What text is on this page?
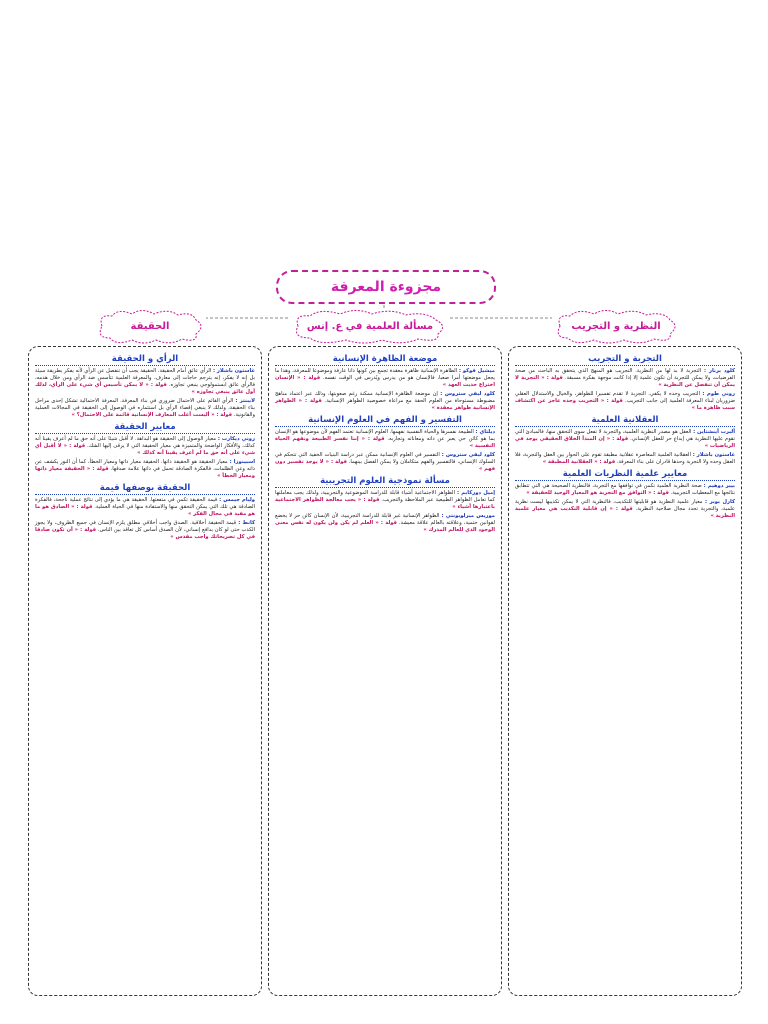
مجزوءة المعرفة
الحقيقة	مسألة العلمية في ع. إنس	النظرية و التجريب
الرأي و الحقيقة

غاستون باشلار : الرأي عائق أمام الحقيقة. الحقيقة يجب أن تنفصل عن الرأي لأنه يفكر بطريقة سيئة بل إنه لا يفكر، إنه يترجم حاجات إلى معارف، والمعرفة العلمية تتأسس ضد الرأي ومن خلال هدمه، فالرأي عائق ابستمولوجي ينبغي تجاوزه. قولة : « لا يمكن تأسيس أي شيء على الرأي، لذلك أول عائق ينبغي تجاوزه »

لايبنتز : الرأي القائم على الاحتمال ضروري في بناء المعرفة. المعرفة الاحتمالية تشكل إحدى مراحل بناء الحقيقة، ولذلك لا ينبغي إقصاء الرأي بل استثماره في الوصول إلى الحقيقة في المجالات العملية والقانونية. قولة : « أليست أغلب المعارف الإنسانية قائمة على الاحتمال؟ »

معايير الحقيقة

روني ديكارت : معيار الوصول إلى الحقيقة هو البداهة. لا أقبل شيئا على أنه حق ما لم أعرف يقينا أنه كذلك، والأفكار الواضحة والمتميزة هي معيار الحقيقة التي لا يرقى إليها الشك. قولة : « لا أقبل أي شيء على أنه حق ما لم أعرف يقينا أنه كذلك »

اسبينوزا : معيار الحقيقة هو الحقيقة ذاتها. الحقيقة معيار ذاتها ومعيار الخطأ، كما أن النور يكشف عن ذاته وعن الظلمات، فالفكرة الصادقة تحمل في ذاتها علامة صدقها. قولة : « الحقيقة معيار ذاتها ومعيار الخطأ »

الحقيقة بوصفها قيمة

وليام جيمس : قيمة الحقيقة تكمن في منفعتها. الحقيقة هي ما يؤدي إلى نتائج عملية ناجحة، فالفكرة الصادقة هي تلك التي يمكن التحقق منها والاستفادة منها في الحياة العملية. قولة : « الصادق هو ما هو مفيد في مجال الفكر »

كانط : قيمة الحقيقة أخلاقية. الصدق واجب أخلاقي مطلق يلزم الإنسان في جميع الظروف، ولا يجوز الكذب حتى لو كان بدافع إنساني، لأن الصدق أساس كل تعاقد بين الناس. قولة : « أن تكون صادقا في كل تصريحاتك واجب مقدس »

موضعة الظاهرة الإنسانية

ميشيل فوكو : الظاهرة الإنسانية ظاهرة معقدة تجمع بين كونها ذاتا عارفة وموضوعا للمعرفة، وهذا ما يجعل موضعتها أمرا صعبا، فالإنسان هو من يدرس ويُدرس في الوقت نفسه. قولة : « الإنسان اختراع حديث العهد »

كلود ليفي ستروس : إن موضعة الظاهرة الإنسانية ممكنة رغم صعوبتها، وذلك عبر اعتماد مناهج مضبوطة مستوحاة من العلوم الحقة مع مراعاة خصوصية الظواهر الإنسانية. قولة : « الظواهر الإنسانية ظواهر معقدة »

التفسير و الفهم في العلوم الإنسانية

ديلتاي : الطبيعة نفسرها والحياة النفسية نفهمها. العلوم الإنسانية تعتمد الفهم لأن موضوعها هو الإنسان بما هو كائن حي يعبر عن ذاته ومعاناته وتجاربه. قولة : « إننا نفسر الطبيعة ونفهم الحياة النفسية »

كلود ليفي ستروس : التفسير في العلوم الإنسانية ممكن عبر دراسة البنيات الخفية التي تتحكم في السلوك الإنساني، فالتفسير والفهم متكاملان ولا يمكن الفصل بينهما. قولة : « لا يوجد تفسير دون فهم »

مسألة نموذجية العلوم التجريبية

إميل دوركايم : الظواهر الاجتماعية أشياء قابلة للدراسة الموضوعية والتجريبية، ولذلك يجب معاملتها كما تعامل الظواهر الطبيعية عبر الملاحظة والتجريب. قولة : « يجب معالجة الظواهر الاجتماعية باعتبارها أشياء »

موريس ميرلوبونتي : الظواهر الإنسانية غير قابلة للدراسة التجريبية، لأن الإنسان كائن حر لا يخضع لقوانين حتمية، وعلاقته بالعالم علاقة معيشة. قولة : « العلم لم يكن ولن يكون له نفس معنى الوجود الذي للعالم المدرك »

التجربة و التجريب

كلود برنار : التجربة لا بد لها من النظرية. التجريب هو المنهج الذي يتحقق به الباحث من صحة الفرضيات، ولا يمكن للتجربة أن تكون علمية إلا إذا كانت موجهة بفكرة مسبقة. قولة : « التجربة لا يمكن أن تنفصل عن النظرية »

روني طوم : التجريب وحده لا يكفي. التجربة لا تقدم تفسيرا للظواهر، والخيال والاستدلال العقلي ضروريان لبناء المعرفة العلمية إلى جانب التجريب. قولة : « التجريب وحده عاجز عن اكتشاف سبب ظاهرة ما »

العقلانية العلمية

ألبرت أينشتاين : العقل هو مصدر النظرية العلمية، والتجربة لا تفعل سوى التحقق منها، فالمبادئ التي تقوم عليها النظرية هي إبداع حر للعقل الإنساني. قولة : « إن المبدأ الخلاق الحقيقي يوجد في الرياضيات »

غاستون باشلار : العقلانية العلمية المعاصرة عقلانية مطبقة تقوم على الحوار بين العقل والتجربة، فلا العقل وحده ولا التجربة وحدها قادران على بناء المعرفة. قولة : « العقلانية المطبقة »

معايير علمية النظريات العلمية

بيير دوهيم : صحة النظرية العلمية تكمن في توافقها مع التجربة، فالنظرية الصحيحة هي التي تتطابق نتائجها مع المعطيات التجريبية. قولة : « التوافق مع التجربة هو المعيار الوحيد للحقيقة »

كارل بوبر : معيار علمية النظرية هو قابليتها للتكذيب، فالنظرية التي لا يمكن تكذيبها ليست نظرية علمية، والتجربة تحدد مجال صلاحية النظرية. قولة : « إن قابلية التكذيب هي معيار علمية النظرية »
